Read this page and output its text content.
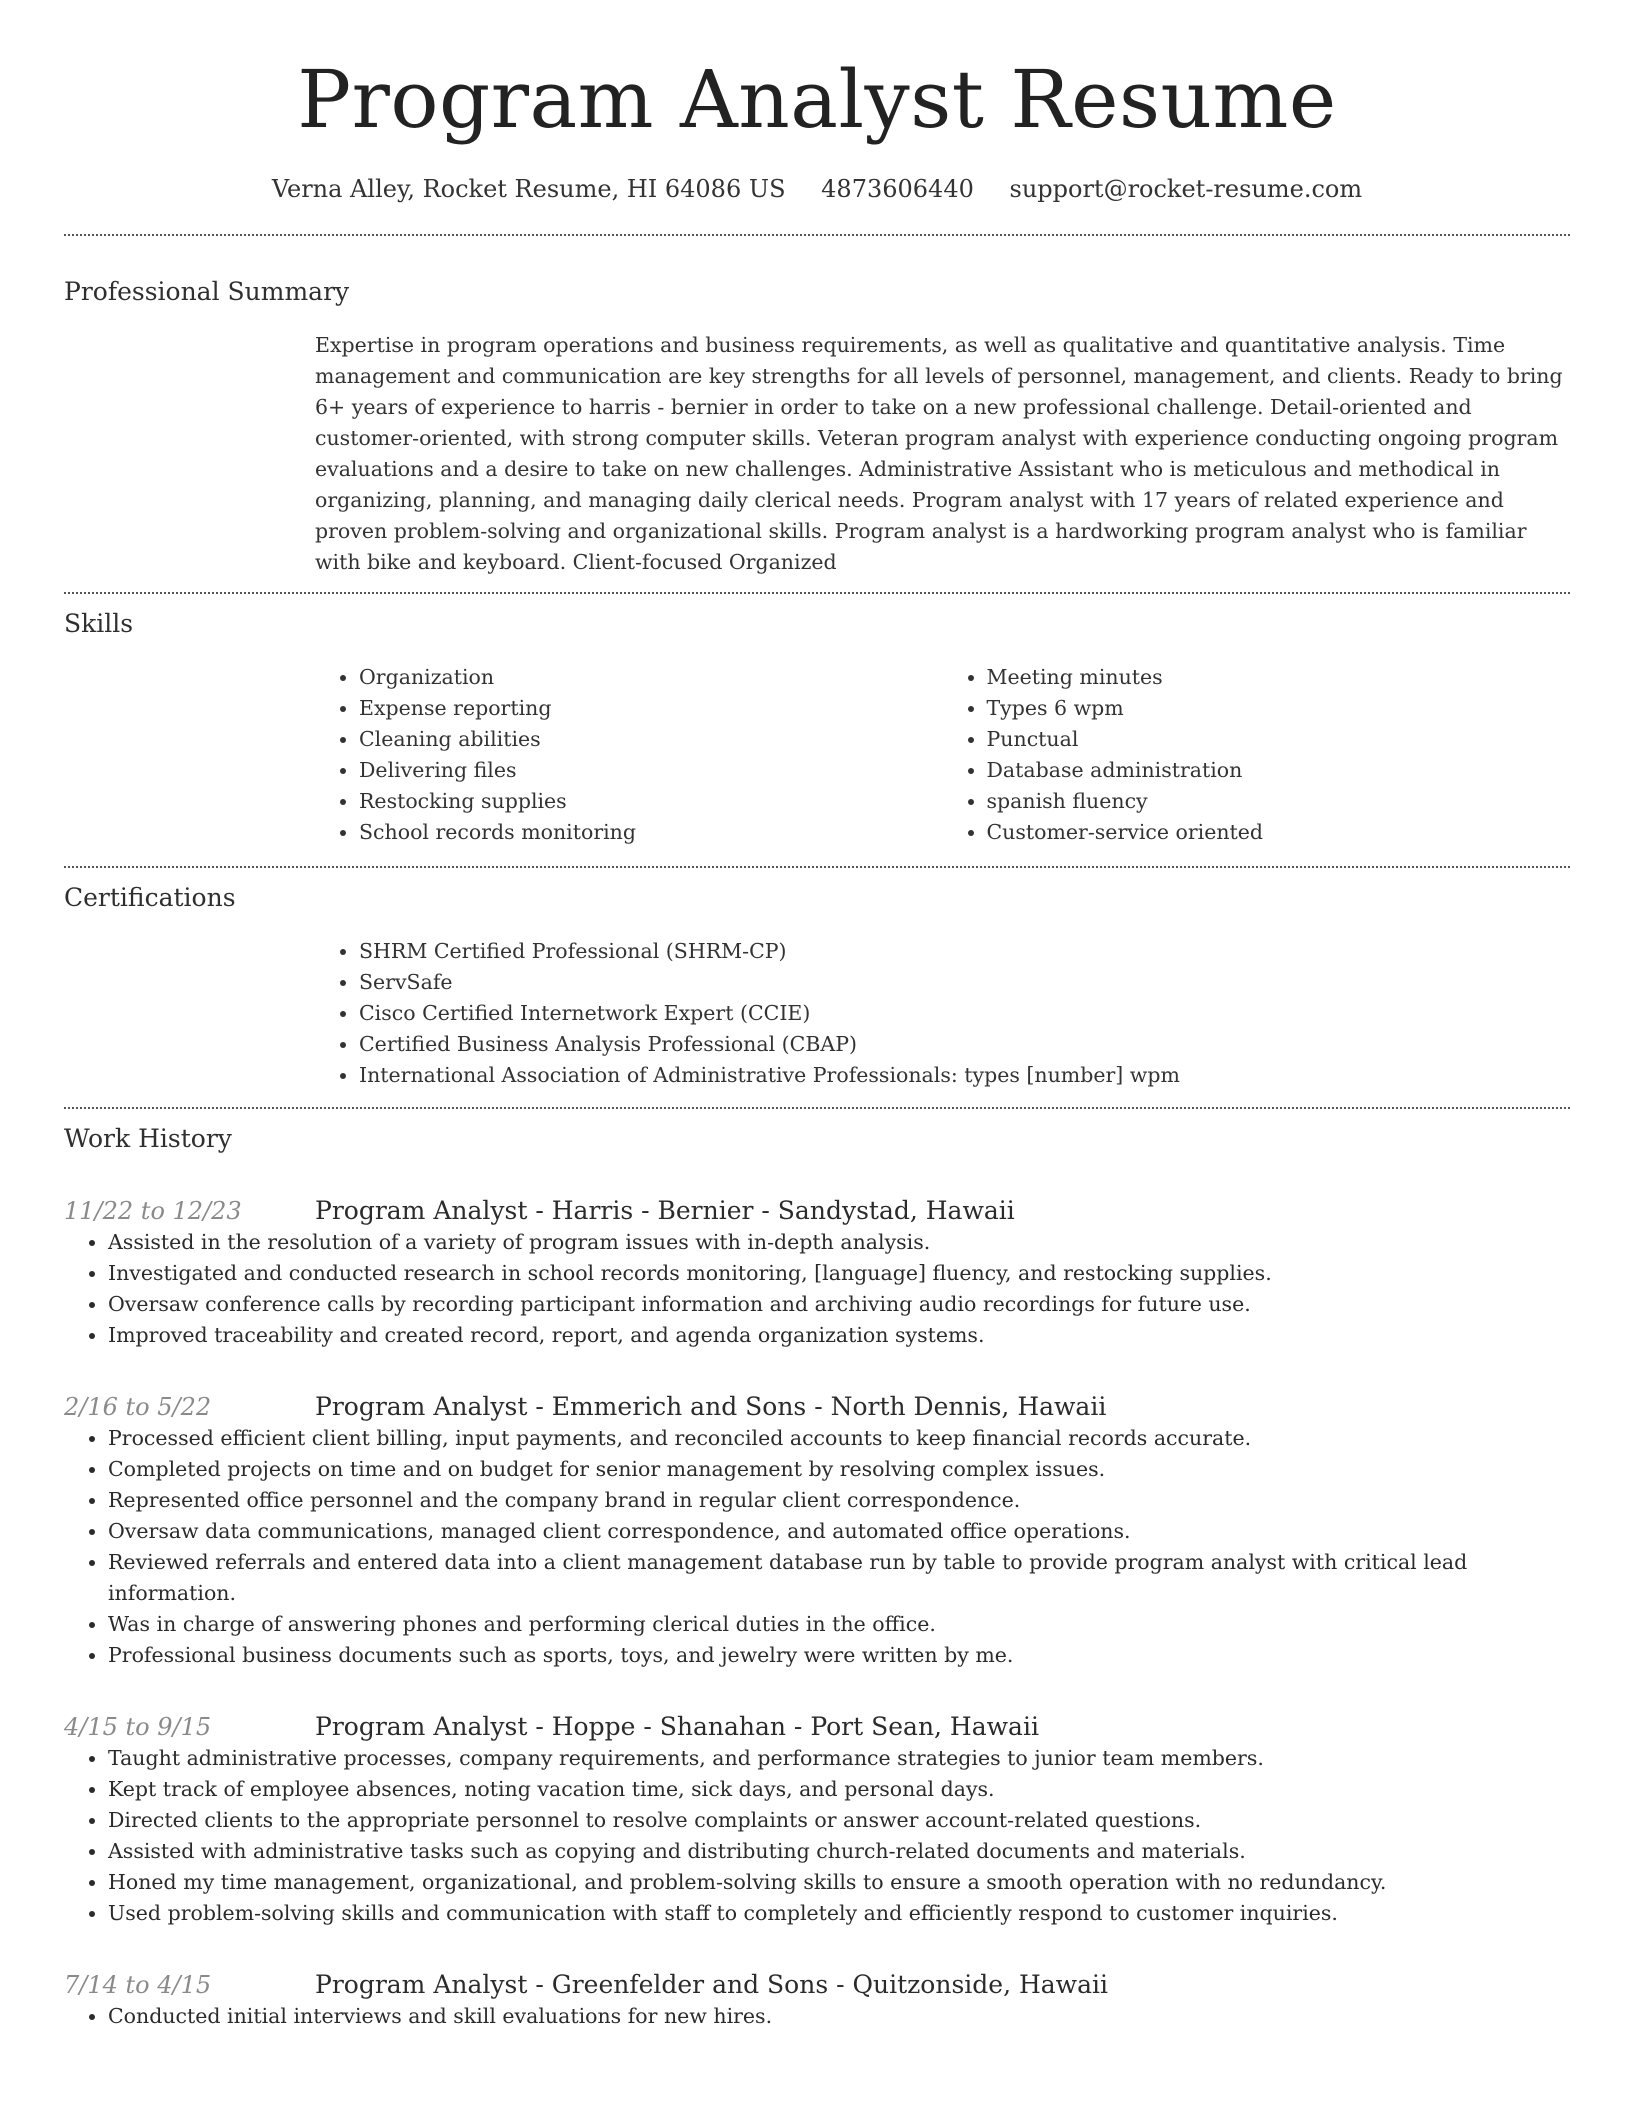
Program Analyst Resume
Verna Alley, Rocket Resume, HI 64086 US 4873606440 support@rocket-resume.com
Professional Summary
Expertise in program operations and business requirements, as well as qualitative and quantitative analysis. Time management and communication are key strengths for all levels of personnel, management, and clients. Ready to bring 6+ years of experience to harris - bernier in order to take on a new professional challenge. Detail-oriented and customer-oriented, with strong computer skills. Veteran program analyst with experience conducting ongoing program evaluations and a desire to take on new challenges. Administrative Assistant who is meticulous and methodical in organizing, planning, and managing daily clerical needs. Program analyst with 17 years of related experience and proven problem-solving and organizational skills. Program analyst is a hardworking program analyst who is familiar with bike and keyboard. Client-focused Organized
Skills
• Organization
• Expense reporting
• Cleaning abilities
• Delivering files
• Restocking supplies
• School records monitoring
• Meeting minutes
• Types 6 wpm
• Punctual
• Database administration
• spanish fluency
• Customer-service oriented
Certifications
• SHRM Certified Professional (SHRM-CP)
• ServSafe
• Cisco Certified Internetwork Expert (CCIE)
• Certified Business Analysis Professional (CBAP)
• International Association of Administrative Professionals: types [number] wpm
Work History
11/22 to 12/23	Program Analyst - Harris - Bernier - Sandystad, Hawaii
• Assisted in the resolution of a variety of program issues with in-depth analysis.
• Investigated and conducted research in school records monitoring, [language] fluency, and restocking supplies.
• Oversaw conference calls by recording participant information and archiving audio recordings for future use.
• Improved traceability and created record, report, and agenda organization systems.
2/16 to 5/22	Program Analyst - Emmerich and Sons - North Dennis, Hawaii
• Processed efficient client billing, input payments, and reconciled accounts to keep financial records accurate.
• Completed projects on time and on budget for senior management by resolving complex issues.
• Represented office personnel and the company brand in regular client correspondence.
• Oversaw data communications, managed client correspondence, and automated office operations.
• Reviewed referrals and entered data into a client management database run by table to provide program analyst with critical lead information.
• Was in charge of answering phones and performing clerical duties in the office.
• Professional business documents such as sports, toys, and jewelry were written by me.
4/15 to 9/15	Program Analyst - Hoppe - Shanahan - Port Sean, Hawaii
• Taught administrative processes, company requirements, and performance strategies to junior team members.
• Kept track of employee absences, noting vacation time, sick days, and personal days.
• Directed clients to the appropriate personnel to resolve complaints or answer account-related questions.
• Assisted with administrative tasks such as copying and distributing church-related documents and materials.
• Honed my time management, organizational, and problem-solving skills to ensure a smooth operation with no redundancy.
• Used problem-solving skills and communication with staff to completely and efficiently respond to customer inquiries.
7/14 to 4/15	Program Analyst - Greenfelder and Sons - Quitzonside, Hawaii
• Conducted initial interviews and skill evaluations for new hires.
